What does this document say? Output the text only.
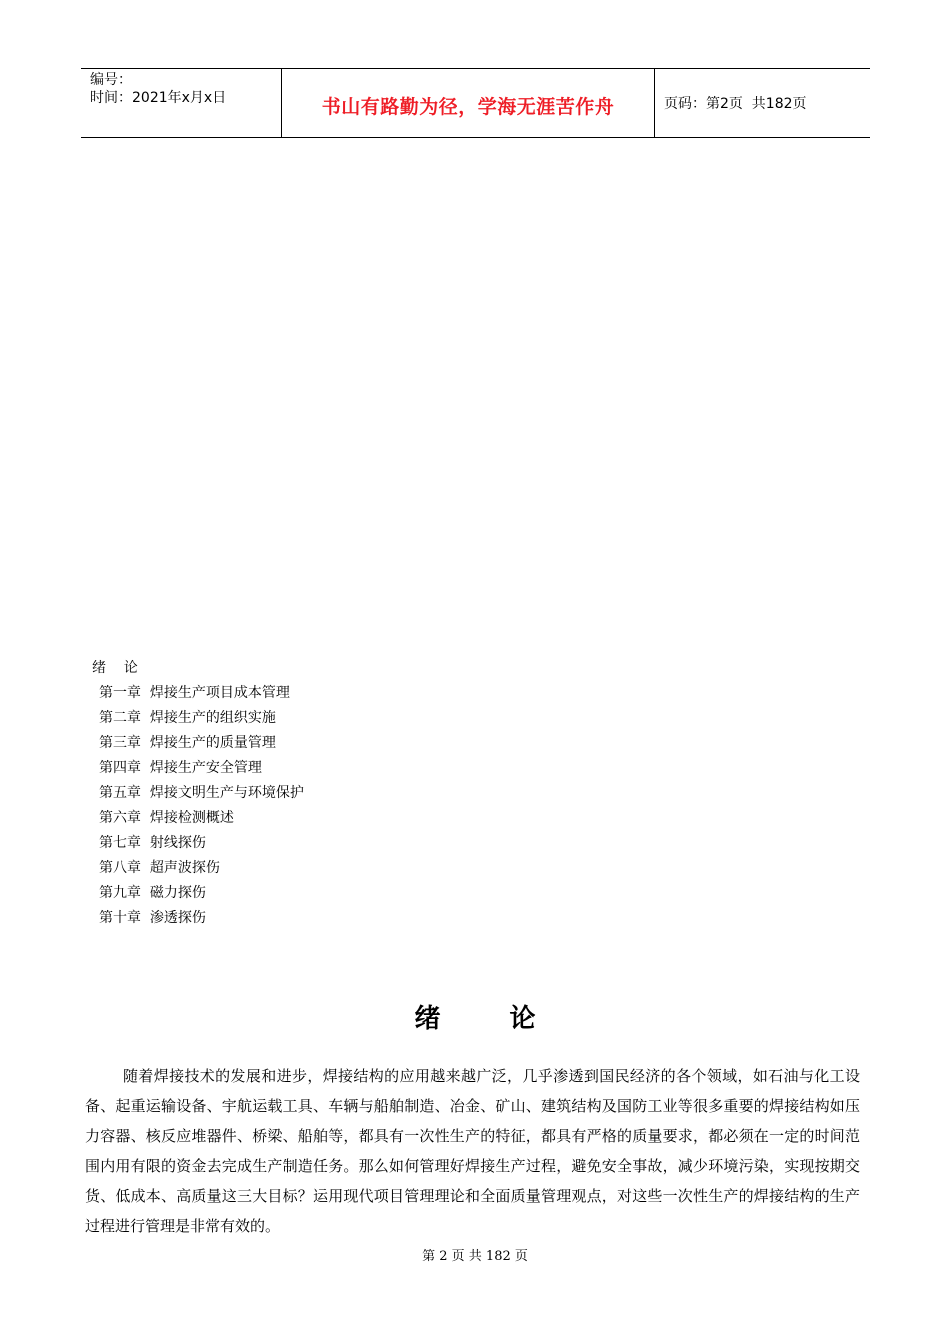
编号：
时间：2021年x月x日	书山有路勤为径，学海无涯苦作舟	页码：第2页  共182页
绪    论
第一章  焊接生产项目成本管理
第二章  焊接生产的组织实施
第三章  焊接生产的质量管理
第四章  焊接生产安全管理
第五章  焊接文明生产与环境保护
第六章  焊接检测概述
第七章  射线探伤
第八章  超声波探伤
第九章  磁力探伤
第十章  渗透探伤
绪 论

随着焊接技术的发展和进步，焊接结构的应用越来越广泛，几乎渗透到国民经济的各个领域，如石油与化工设备、起重运输设备、宇航运载工具、车辆与船舶制造、冶金、矿山、建筑结构及国防工业等很多重要的焊接结构如压力容器、核反应堆器件、桥梁、船舶等，都具有一次性生产的特征，都具有严格的质量要求，都必须在一定的时间范围内用有限的资金去完成生产制造任务。那么如何管理好焊接生产过程，避免安全事故，减少环境污染，实现按期交货、低成本、高质量这三大目标？运用现代项目管理理论和全面质量管理观点，对这些一次性生产的焊接结构的生产过程进行管理是非常有效的。

第 2 页 共 182 页
